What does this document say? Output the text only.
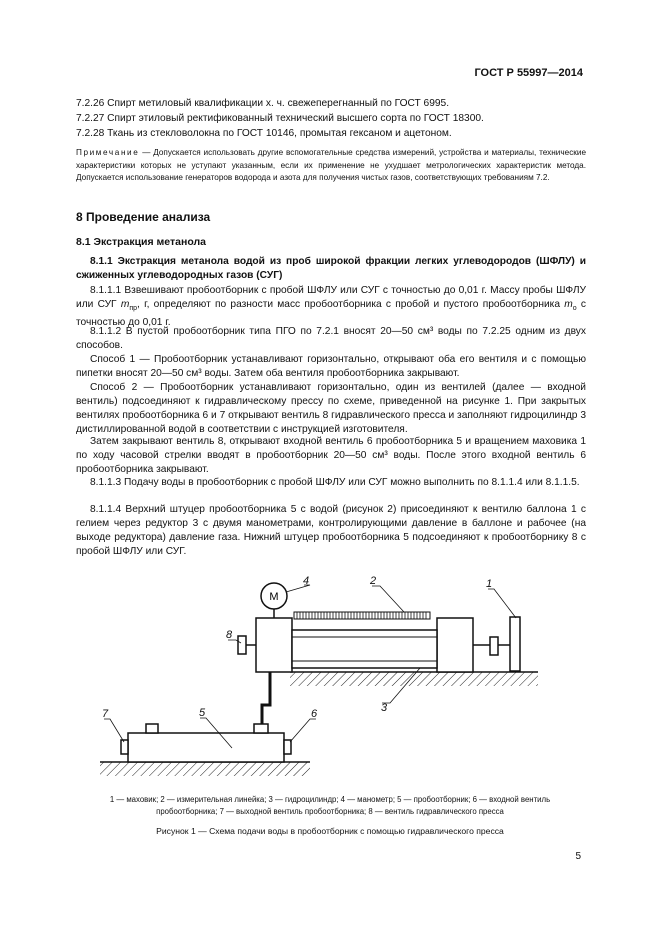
ГОСТ Р 55997—2014
7.2.26 Спирт метиловый квалификации х. ч. свежеперегнанный по ГОСТ 6995.
7.2.27 Спирт этиловый ректификованный технический высшего сорта по ГОСТ 18300.
7.2.28 Ткань из стекловолокна по ГОСТ 10146, промытая гексаном и ацетоном.
Примечание — Допускается использовать другие вспомогательные средства измерений, устройства и материалы, технические характеристики которых не уступают указанным, если их применение не ухудшает метрологических характеристик метода. Допускается использование генераторов водорода и азота для получения чистых газов, соответствующих требованиям 7.2.
8 Проведение анализа
8.1 Экстракция метанола
8.1.1 Экстракция метанола водой из проб широкой фракции легких углеводородов (ШФЛУ) и сжиженных углеводородных газов (СУГ)
8.1.1.1 Взвешивают пробоотборник с пробой ШФЛУ или СУГ с точностью до 0,01 г. Массу пробы ШФЛУ или СУГ $m_{пр}$, г, определяют по разности масс пробоотборника с пробой и пустого пробоотборника $m_о$ с точностью до 0,01 г.
8.1.1.2 В пустой пробоотборник типа ПГО по 7.2.1 вносят 20—50 см³ воды по 7.2.25 одним из двух способов.
Способ 1 — Пробоотборник устанавливают горизонтально, открывают оба его вентиля и с помощью пипетки вносят 20—50 см³ воды. Затем оба вентиля пробоотборника закрывают.
Способ 2 — Пробоотборник устанавливают горизонтально, один из вентилей (далее — входной вентиль) подсоединяют к гидравлическому прессу по схеме, приведенной на рисунке 1. При закрытых вентилях пробоотборника 6 и 7 открывают вентиль 8 гидравлического пресса и заполняют гидроцилиндр 3 дистиллированной водой в соответствии с инструкцией изготовителя.
Затем закрывают вентиль 8, открывают входной вентиль 6 пробоотборника 5 и вращением маховика 1 по ходу часовой стрелки вводят в пробоотборник 20—50 см³ воды. После этого входной вентиль 6 пробоотборника закрывают.
8.1.1.3 Подачу воды в пробоотборник с пробой ШФЛУ или СУГ можно выполнить по 8.1.1.4 или 8.1.1.5.
8.1.1.4 Верхний штуцер пробоотборника 5 с водой (рисунок 2) присоединяют к вентилю баллона 1 с гелием через редуктор 3 с двумя манометрами, контролирующими давление в баллоне и рабочее (на выходе редуктора) давление газа. Нижний штуцер пробоотборника 5 подсоединяют к пробоотборнику 8 с пробой ШФЛУ или СУГ.
М
1
2
3
4
5	6
7
8
1 — маховик; 2 — измерительная линейка; 3 — гидроцилиндр; 4 — манометр; 5 — пробоотборник; 6 — входной вентиль
пробоотборника; 7 — выходной вентиль пробоотборника; 8 — вентиль гидравлического пресса
Рисунок 1 — Схема подачи воды в пробоотборник с помощью гидравлического пресса
5
